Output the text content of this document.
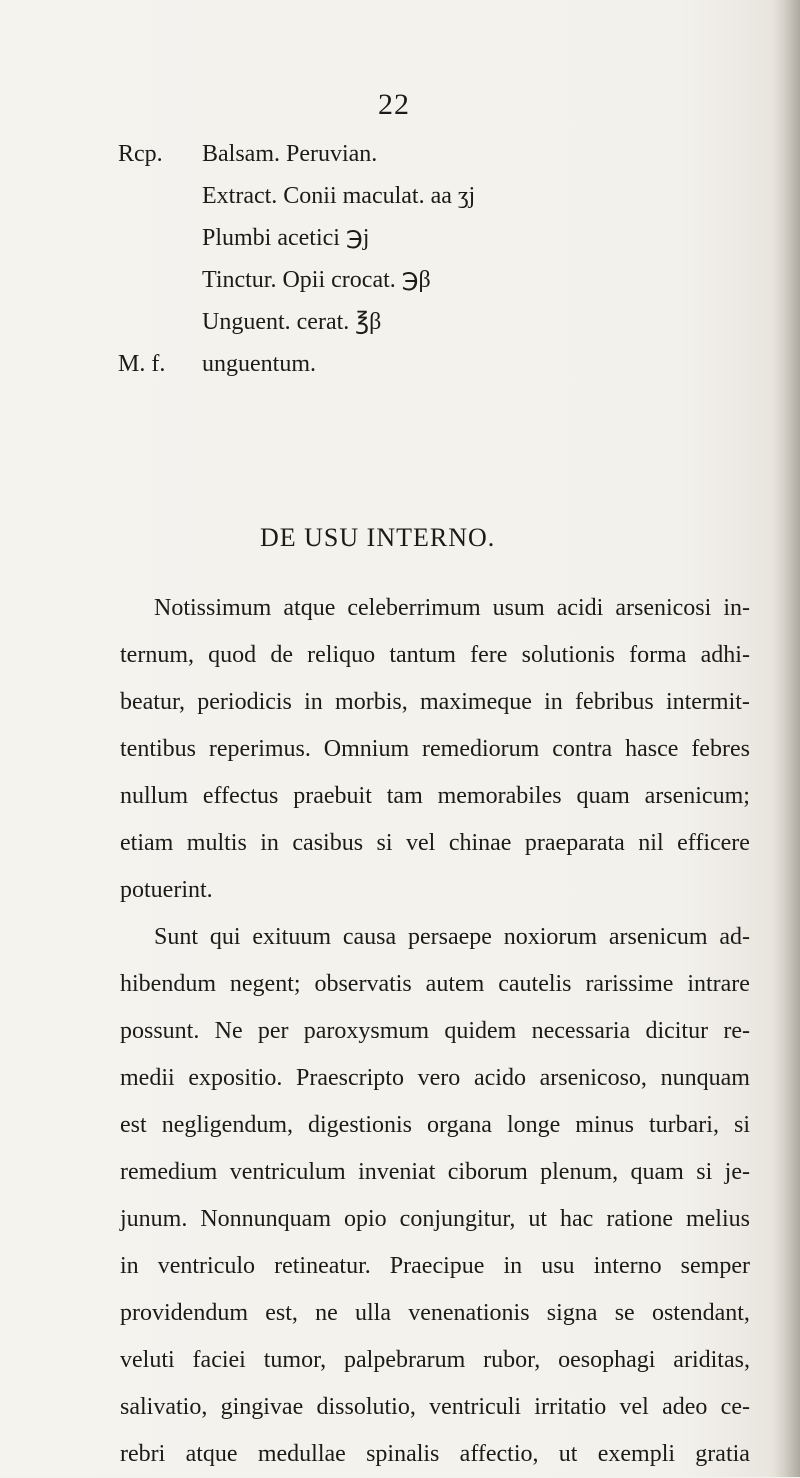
22
Rcp.	Balsam. Peruvian.
Extract. Conii maculat. aa ʒj
Plumbi acetici ℈j
Tinctur. Opii crocat. ℈β
Unguent. cerat. ℥β
M. f.	unguentum.
DE USU INTERNO.
Notissimum atque celeberrimum usum acidi arsenicosi in-
ternum, quod de reliquo tantum fere solutionis forma adhi-
beatur, periodicis in morbis, maximeque in febribus intermit-
tentibus reperimus. Omnium remediorum contra hasce febres
nullum effectus praebuit tam memorabiles quam arsenicum;
etiam multis in casibus si vel chinae praeparata nil efficere
potuerint.
Sunt qui exituum causa persaepe noxiorum arsenicum ad-
hibendum negent; observatis autem cautelis rarissime intrare
possunt. Ne per paroxysmum quidem necessaria dicitur re-
medii expositio. Praescripto vero acido arsenicoso, nunquam
est negligendum, digestionis organa longe minus turbari, si
remedium ventriculum inveniat ciborum plenum, quam si je-
junum. Nonnunquam opio conjungitur, ut hac ratione melius
in ventriculo retineatur. Praecipue in usu interno semper
providendum est, ne ulla venenationis signa se ostendant,
veluti faciei tumor, palpebrarum rubor, oesophagi ariditas,
salivatio, gingivae dissolutio, ventriculi irritatio vel adeo ce-
rebri atque medullae spinalis affectio, ut exempli gratia
